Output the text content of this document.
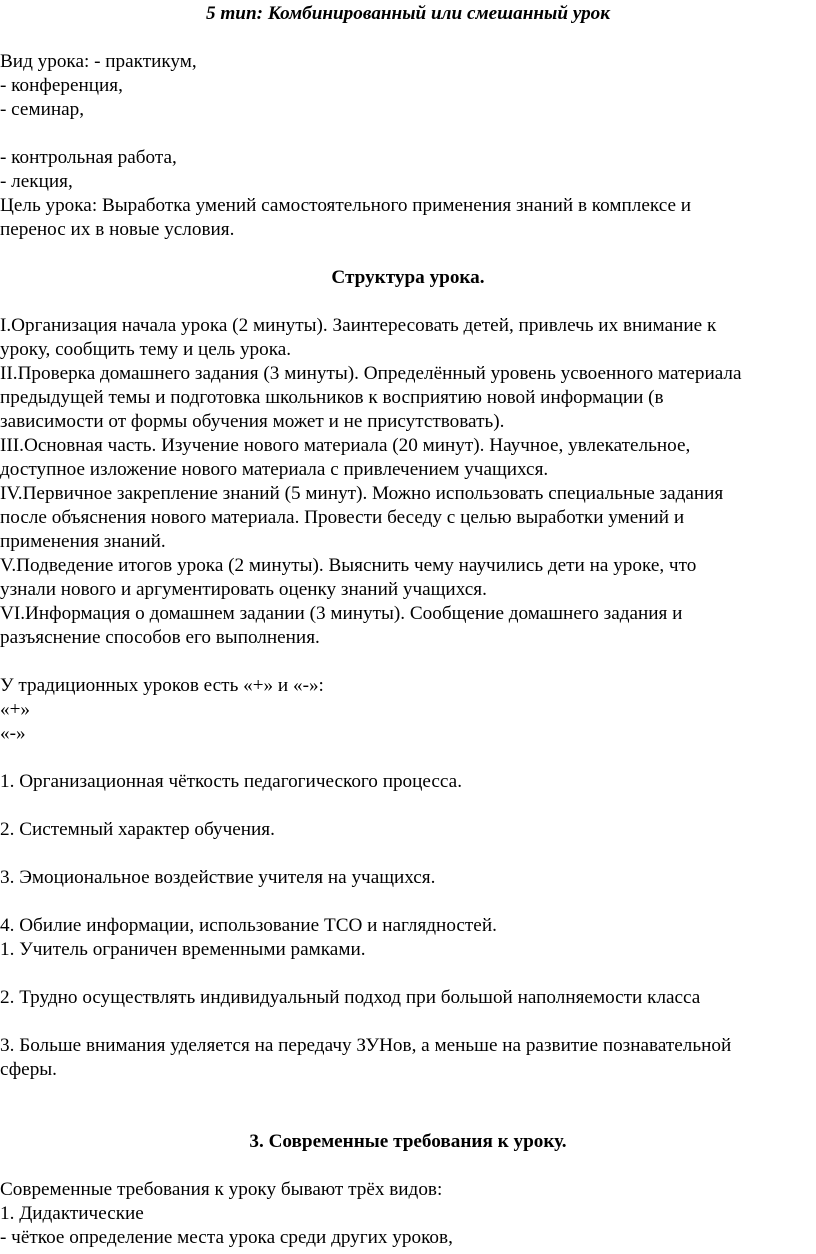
5 тип: Комбинированный или смешанный урок
Вид урока: - практикум,
- конференция,
- семинар,
- контрольная работа,
- лекция,
Цель урока: Выработка умений самостоятельного применения знаний в комплексе и
перенос их в новые условия.
Структура урока.
I.Организация начала урока (2 минуты). Заинтересовать детей, привлечь их внимание к
уроку, сообщить тему и цель урока.
II.Проверка домашнего задания (3 минуты). Определённый уровень усвоенного материала
предыдущей темы и подготовка школьников к восприятию новой информации (в
зависимости от формы обучения может и не присутствовать).
III.Основная часть. Изучение нового материала (20 минут). Научное, увлекательное,
доступное изложение нового материала с привлечением учащихся.
IV.Первичное закрепление знаний (5 минут). Можно использовать специальные задания
после объяснения нового материала. Провести беседу с целью выработки умений и
применения знаний.
V.Подведение итогов урока (2 минуты). Выяснить чему научились дети на уроке, что
узнали нового и аргументировать оценку знаний учащихся.
VI.Информация о домашнем задании (3 минуты). Сообщение домашнего задания и
разъяснение способов его выполнения.
У традиционных уроков есть «+» и «-»:
«+»
«-»
1. Организационная чёткость педагогического процесса.
2. Системный характер обучения.
3. Эмоциональное воздействие учителя на учащихся.
4. Обилие информации, использование ТСО и наглядностей.
1. Учитель ограничен временными рамками.
2. Трудно осуществлять индивидуальный подход при большой наполняемости класса
3. Больше внимания уделяется на передачу ЗУНов, а меньше на развитие познавательной
сферы.
3. Современные требования к уроку.
Современные требования к уроку бывают трёх видов:
1. Дидактические
- чёткое определение места урока среди других уроков,
